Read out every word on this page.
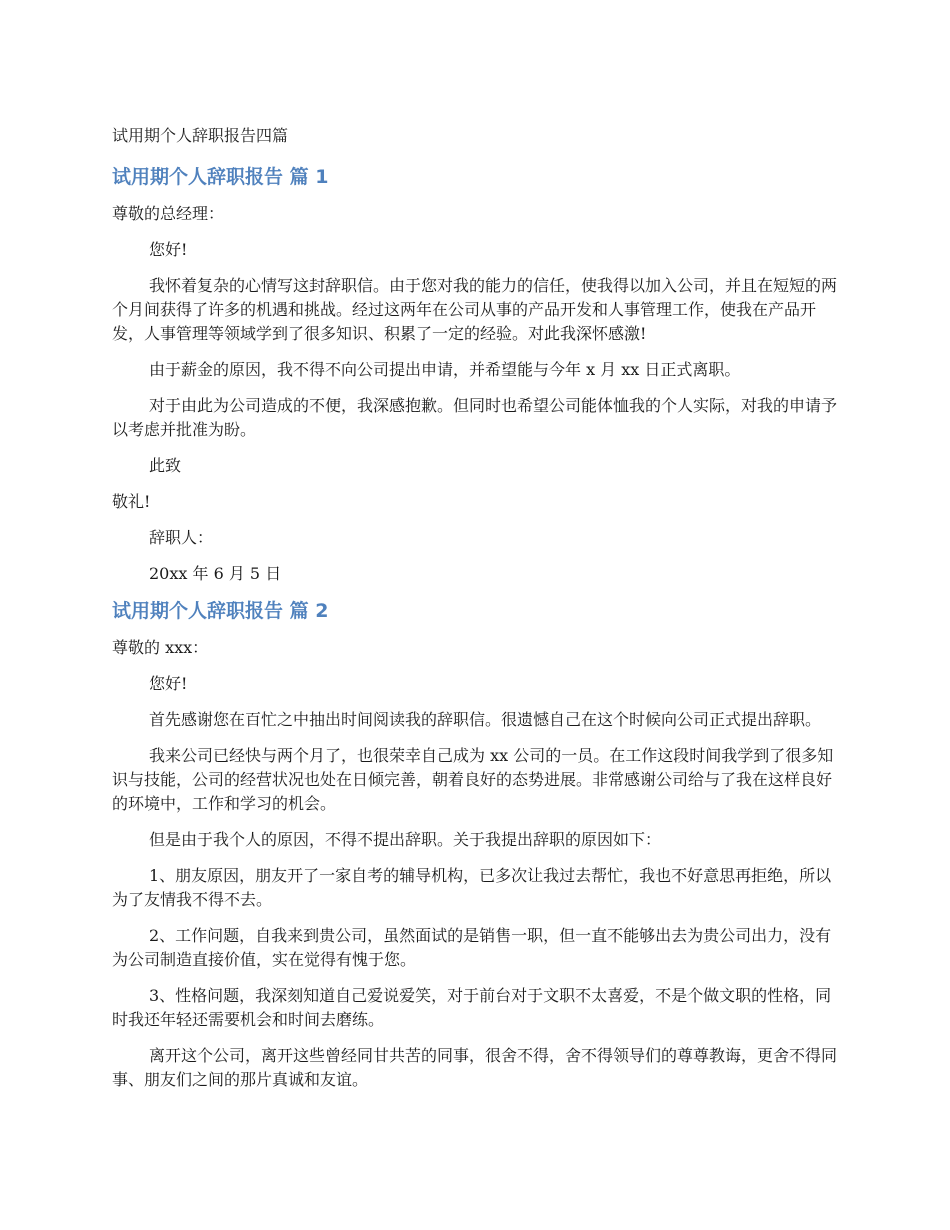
试用期个人辞职报告四篇
试用期个人辞职报告 篇 1
尊敬的总经理：
您好!
我怀着复杂的心情写这封辞职信。由于您对我的能力的信任，使我得以加入公司，并且在短短的两个月间获得了许多的机遇和挑战。经过这两年在公司从事的产品开发和人事管理工作，使我在产品开发，人事管理等领域学到了很多知识、积累了一定的经验。对此我深怀感激!
由于薪金的原因，我不得不向公司提出申请，并希望能与今年 x 月 xx 日正式离职。
对于由此为公司造成的不便，我深感抱歉。但同时也希望公司能体恤我的个人实际，对我的申请予以考虑并批准为盼。
此致
敬礼!
辞职人：
20xx 年 6 月 5 日
试用期个人辞职报告 篇 2
尊敬的 xxx：
您好!
首先感谢您在百忙之中抽出时间阅读我的辞职信。很遗憾自己在这个时候向公司正式提出辞职。
我来公司已经快与两个月了，也很荣幸自己成为 xx 公司的一员。在工作这段时间我学到了很多知识与技能，公司的经营状况也处在日倾完善，朝着良好的态势进展。非常感谢公司给与了我在这样良好的环境中，工作和学习的机会。
但是由于我个人的原因，不得不提出辞职。关于我提出辞职的原因如下：
1、朋友原因，朋友开了一家自考的辅导机构，已多次让我过去帮忙，我也不好意思再拒绝，所以为了友情我不得不去。
2、工作问题，自我来到贵公司，虽然面试的是销售一职，但一直不能够出去为贵公司出力，没有为公司制造直接价值，实在觉得有愧于您。
3、性格问题，我深刻知道自己爱说爱笑，对于前台对于文职不太喜爱，不是个做文职的性格，同时我还年轻还需要机会和时间去磨练。
离开这个公司，离开这些曾经同甘共苦的同事，很舍不得，舍不得领导们的尊尊教诲，更舍不得同事、朋友们之间的那片真诚和友谊。
